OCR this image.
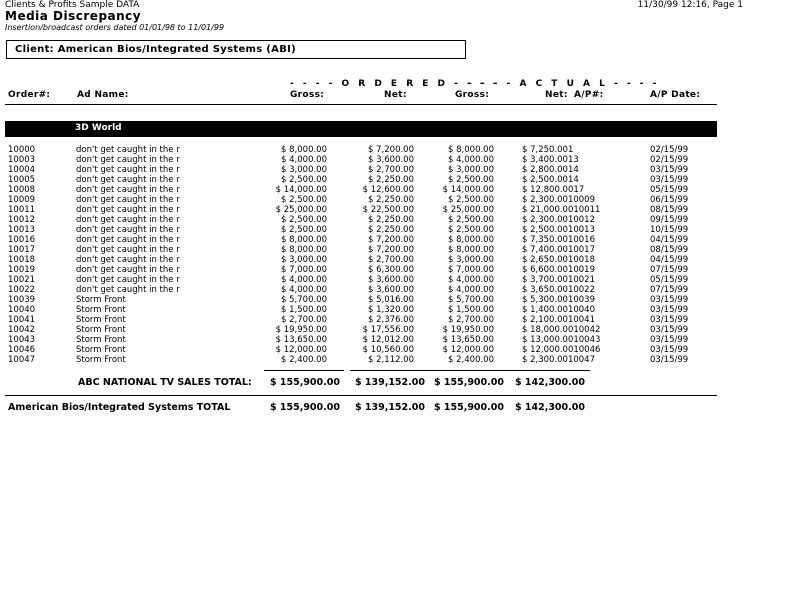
Clients & Profits Sample DATA	11/30/99 12:16, Page 1
Media Discrepancy
Insertion/broadcast orders dated 01/01/98 to 11/01/99
Client: American Bios/Integrated Systems (ABI)
- - - - O R D E R E D - - - -
- - - - A C T U A L - - - -
Order#:	Ad Name:	Gross:	Net:	Gross:	Net: A/P#:	A/P Date:
3D World
10000	don't get caught in the r	$ 8,000.00	$ 7,200.00	$ 8,000.00	$ 7,250.001	02/15/99
10003	don't get caught in the r	$ 4,000.00	$ 3,600.00	$ 4,000.00	$ 3,400.0013	02/15/99
10004	don't get caught in the r	$ 3,000.00	$ 2,700.00	$ 3,000.00	$ 2,800.0014	03/15/99
10005	don't get caught in the r	$ 2,500.00	$ 2,250.00	$ 2,500.00	$ 2,500.0014	03/15/99
10008	don't get caught in the r	$ 14,000.00	$ 12,600.00	$ 14,000.00	$ 12,800.0017	05/15/99
10009	don't get caught in the r	$ 2,500.00	$ 2,250.00	$ 2,500.00	$ 2,300.0010009	06/15/99
10011	don't get caught in the r	$ 25,000.00	$ 22,500.00	$ 25,000.00	$ 21,000.0010011	08/15/99
10012	don't get caught in the r	$ 2,500.00	$ 2,250.00	$ 2,500.00	$ 2,300.0010012	09/15/99
10013	don't get caught in the r	$ 2,500.00	$ 2,250.00	$ 2,500.00	$ 2,500.0010013	10/15/99
10016	don't get caught in the r	$ 8,000.00	$ 7,200.00	$ 8,000.00	$ 7,350.0010016	04/15/99
10017	don't get caught in the r	$ 8,000.00	$ 7,200.00	$ 8,000.00	$ 7,400.0010017	08/15/99
10018	don't get caught in the r	$ 3,000.00	$ 2,700.00	$ 3,000.00	$ 2,650.0010018	04/15/99
10019	don't get caught in the r	$ 7,000.00	$ 6,300.00	$ 7,000.00	$ 6,600.0010019	07/15/99
10021	don't get caught in the r	$ 4,000.00	$ 3,600.00	$ 4,000.00	$ 3,700.0010021	05/15/99
10022	don't get caught in the r	$ 4,000.00	$ 3,600.00	$ 4,000.00	$ 3,650.0010022	07/15/99
10039	Storm Front	$ 5,700.00	$ 5,016.00	$ 5,700.00	$ 5,300.0010039	03/15/99
10040	Storm Front	$ 1,500.00	$ 1,320.00	$ 1,500.00	$ 1,400.0010040	03/15/99
10041	Storm Front	$ 2,700.00	$ 2,376.00	$ 2,700.00	$ 2,100.0010041	03/15/99
10042	Storm Front	$ 19,950.00	$ 17,556.00	$ 19,950.00	$ 18,000.0010042	03/15/99
10043	Storm Front	$ 13,650.00	$ 12,012.00	$ 13,650.00	$ 13,000.0010043	03/15/99
10046	Storm Front	$ 12,000.00	$ 10,560.00	$ 12,000.00	$ 12,000.0010046	03/15/99
10047	Storm Front	$ 2,400.00	$ 2,112.00	$ 2,400.00	$ 2,300.0010047	03/15/99
ABC NATIONAL TV SALES TOTAL: $ 155,900.00 $ 139,152.00 $ 155,900.00 $ 142,300.00
American Bios/Integrated Systems TOTAL	$ 155,900.00 $ 139,152.00 $ 155,900.00 $ 142,300.00
